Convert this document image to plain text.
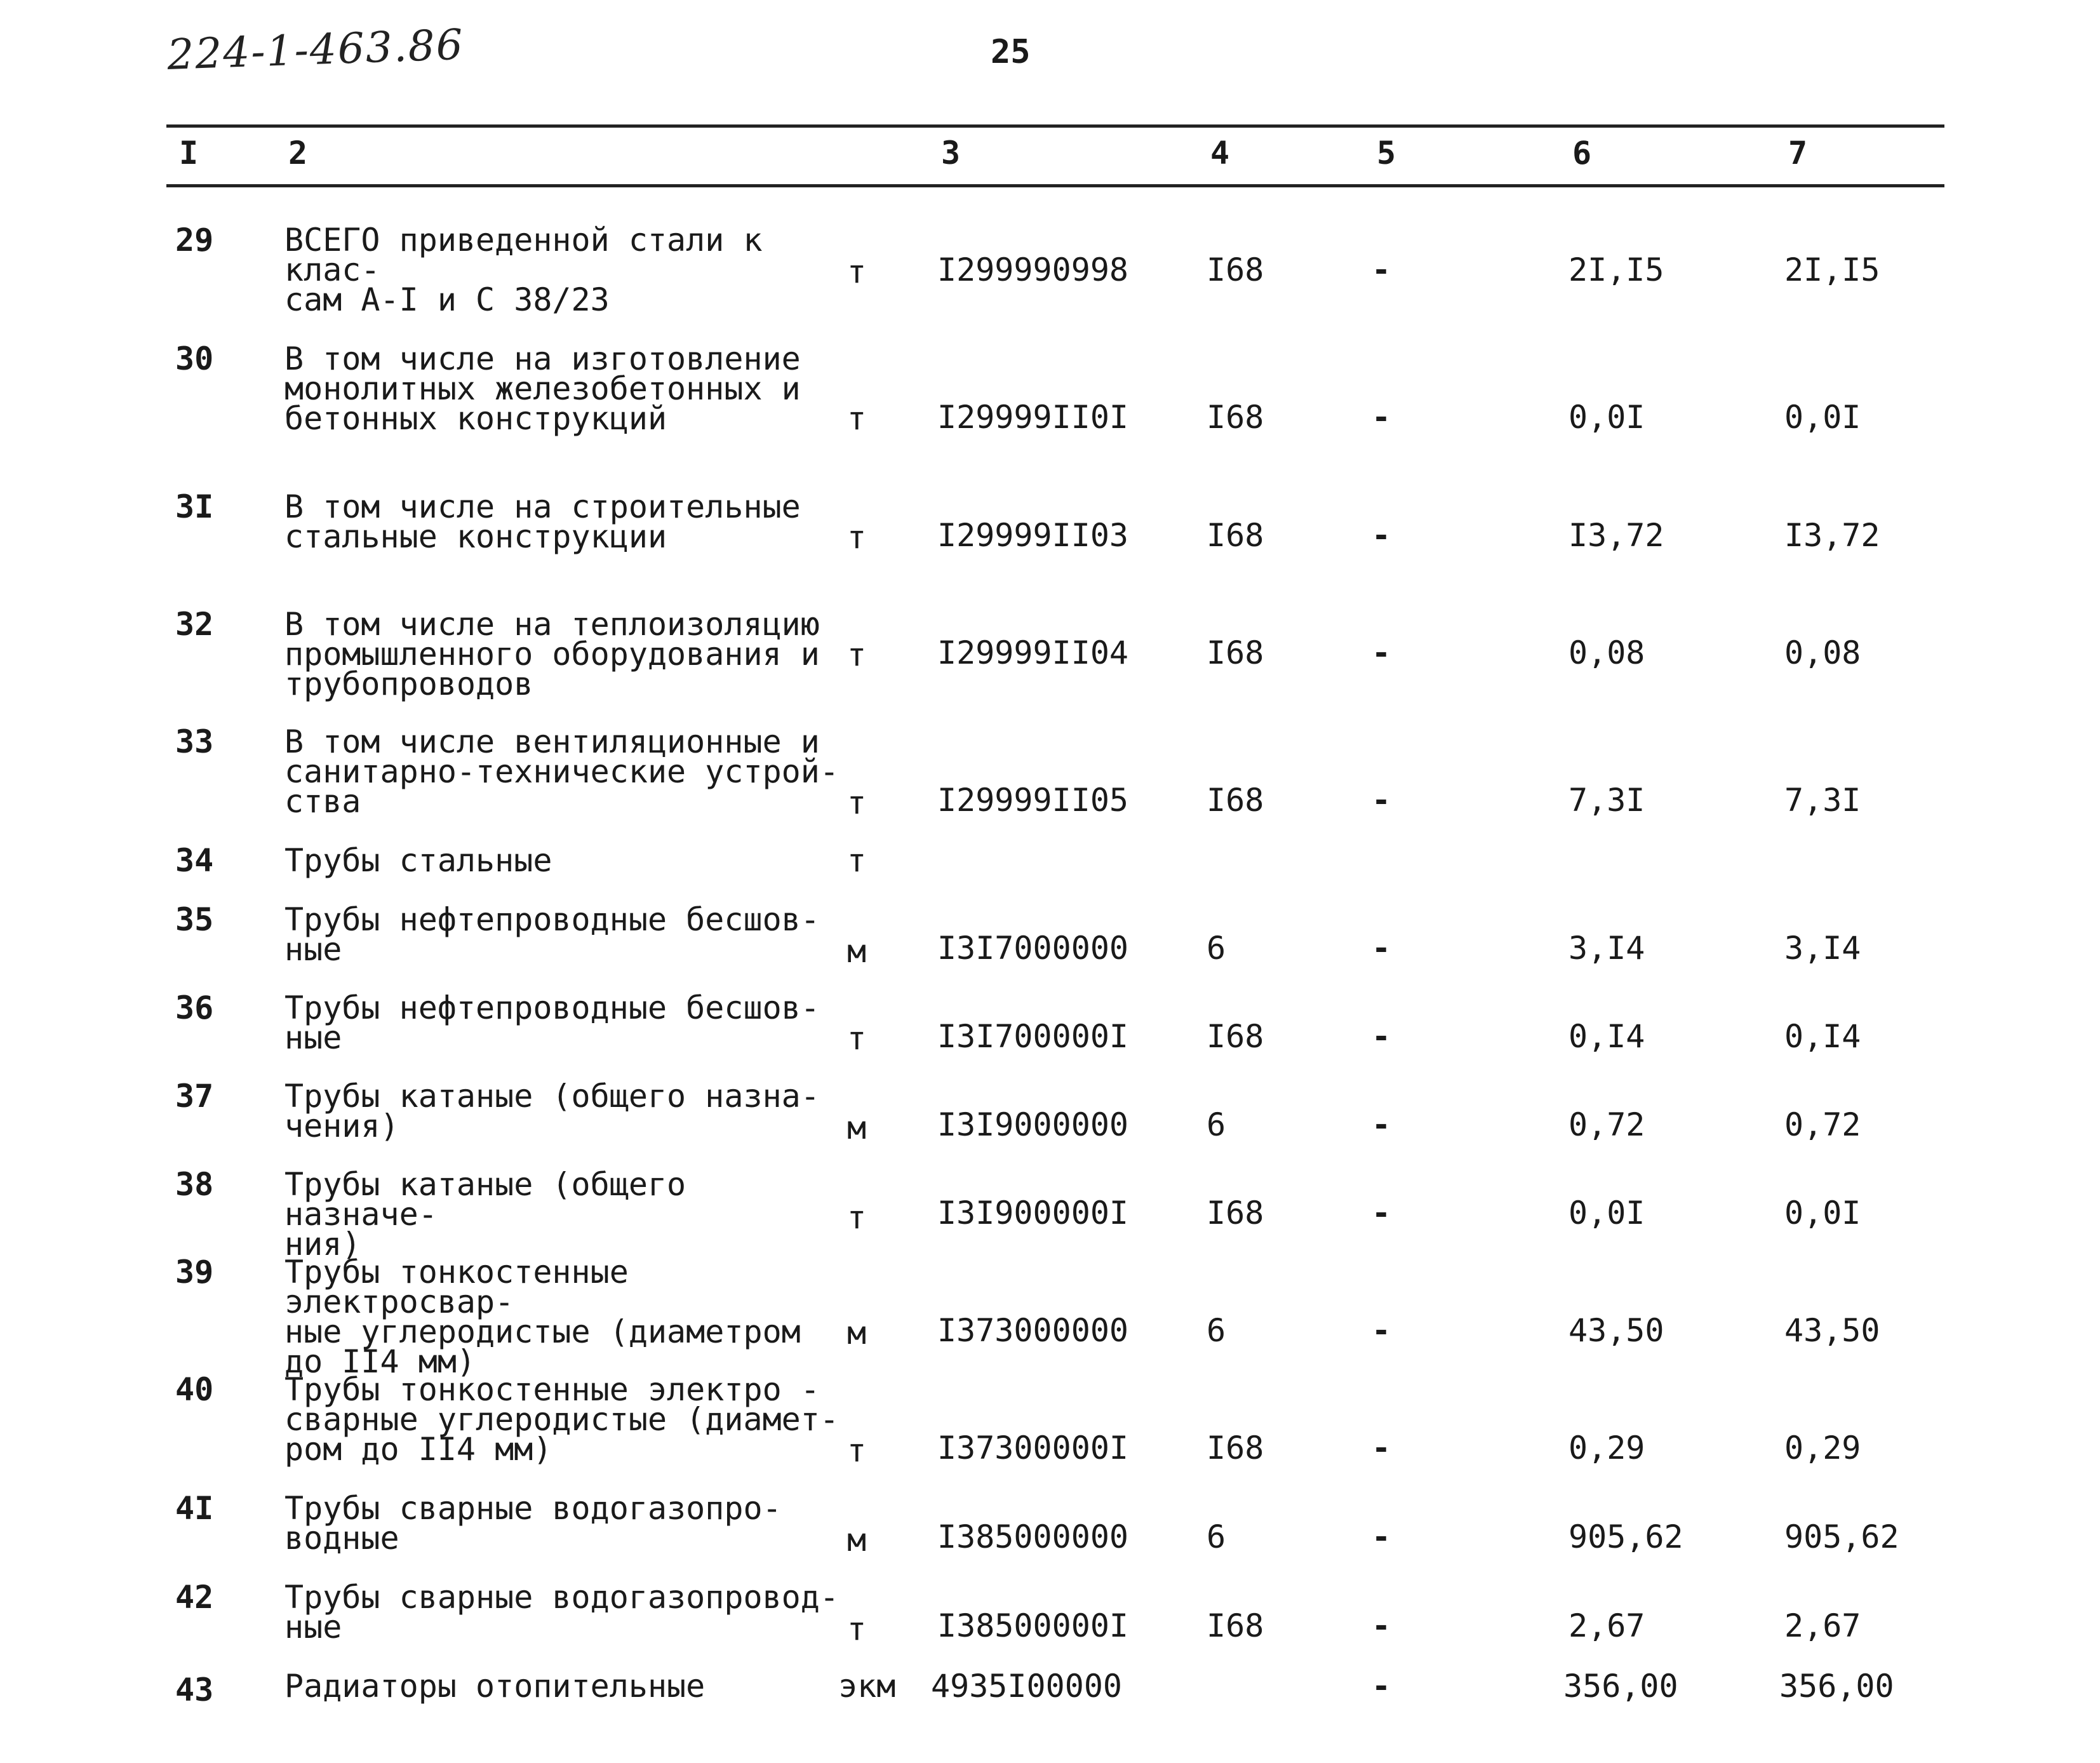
224-1-463.86	25
I	2	3	4	5	6	7
29 ВСЕГО приведенной стали к клас-
сам А-I и С 38/23
т I299990998 I68	-	2I,I5	2I,I5
30 В том числе на изготовление
монолитных железобетонных и
бетонных конструкций	т I29999II0I I68	-	0,0I	0,0I
3I В том числе на строительные
стальные конструкции	т I29999II03 I68	-	I3,72	I3,72
32 В том числе на теплоизоляцию
промышленного оборудования и
трубопроводов
т I29999II04 I68	-	0,08	0,08
33 В том числе вентиляционные и
санитарно-технические устрой-
ства	т I29999II05 I68	-	7,3I	7,3I
34 Трубы стальные	т
35 Трубы нефтепроводные бесшов-
ные	м I3I7000000 6	-	3,I4	3,I4
36 Трубы нефтепроводные бесшов-
ные	т I3I700000I I68	-	0,I4	0,I4
37 Трубы катаные (общего назна-
чения)	м I3I9000000 6	-	0,72	0,72
38 Трубы катаные (общего назначе-
ния)
т I3I900000I I68	-	0,0I	0,0I
39 Трубы тонкостенные электросвар-
ные углеродистые (диаметром
до II4 мм)
м I373000000 6	-	43,50	43,50
40 Трубы тонкостенные электро -
сварные углеродистые (диамет-
ром до II4 мм)	т I37300000I I68	-	0,29	0,29
4I Трубы сварные водогазопро-
водные	м I385000000 6	-	905,62	905,62
42 Трубы сварные водогазопровод-
ные	т I38500000I I68	-	2,67	2,67
43 Радиаторы отопительные	экм 4935I00000	-	356,00	356,00
